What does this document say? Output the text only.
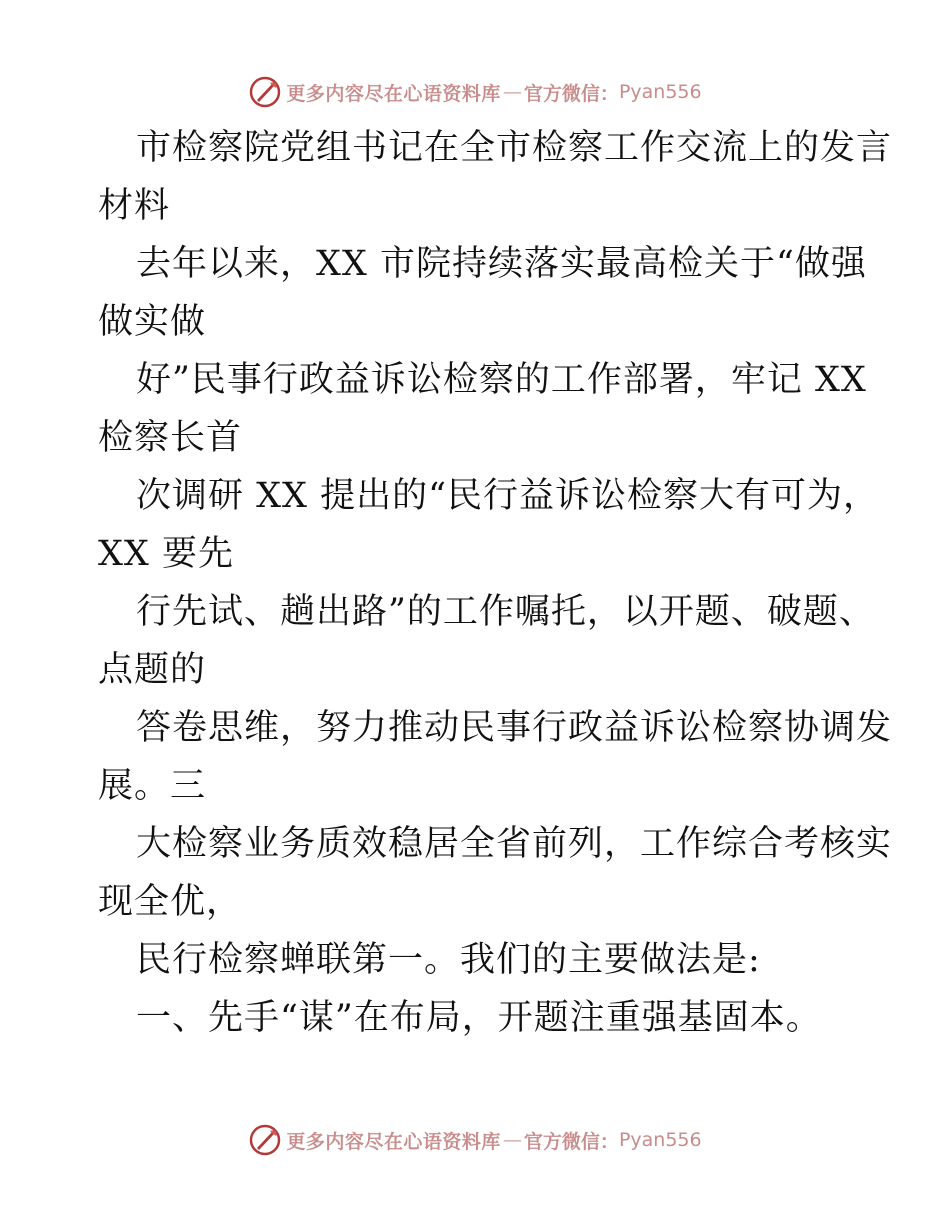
更多内容尽在心语资料库 — 官方微信： Pyan556
市检察院党组书记在全市检察工作交流上的发言
材料
去年以来，XX 市院持续落实最高检关于“做强
做实做
好”民事行政益诉讼检察的工作部署，牢记 XX
检察长首
次调研 XX 提出的“民行益诉讼检察大有可为，
XX 要先
行先试、趟出路”的工作嘱托，以开题、破题、
点题的
答卷思维，努力推动民事行政益诉讼检察协调发
展。三
大检察业务质效稳居全省前列，工作综合考核实
现全优，
民行检察蝉联第一。我们的主要做法是:
一、先手“谋”在布局，开题注重强基固本。
更多内容尽在心语资料库 — 官方微信： Pyan556
